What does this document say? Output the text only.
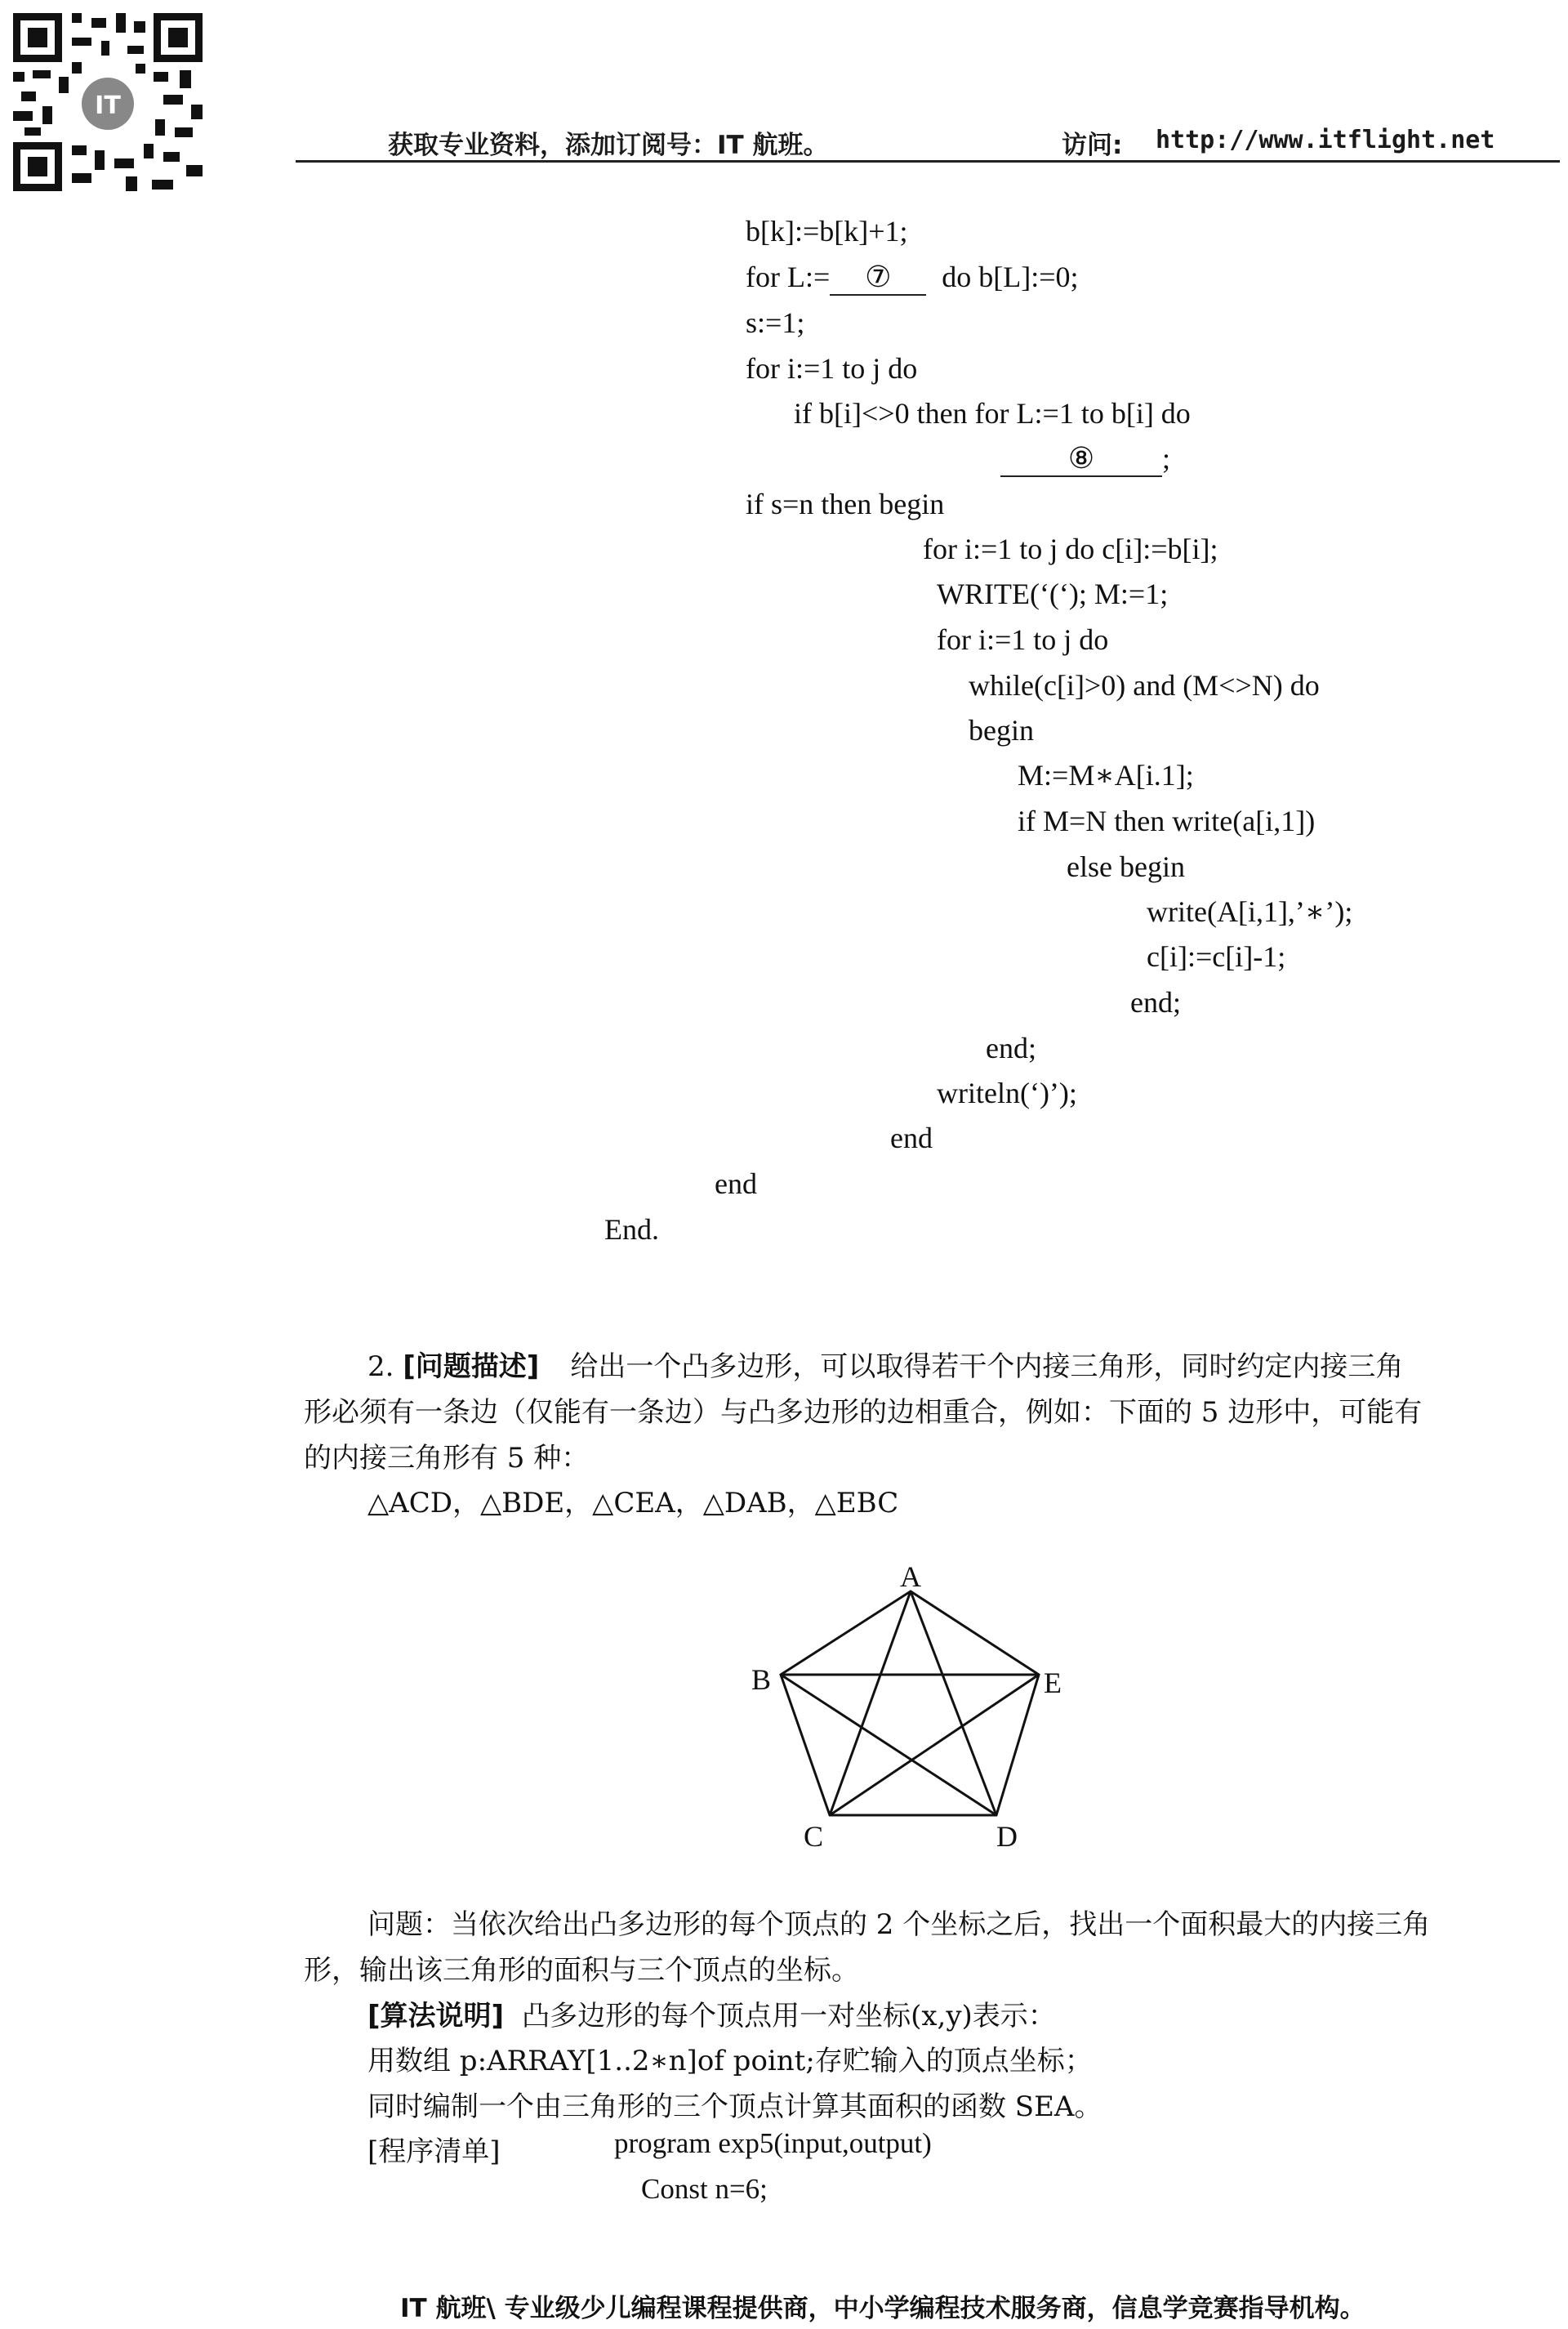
IT
获取专业资料，添加订阅号：IT 航班。	访问: http://www.itflight.net
b[k]:=b[k]+1;
for L:= ⑦ do b[L]:=0;
s:=1;
for i:=1 to j do
if b[i]<>0 then for L:=1 to b[i] do
⑧ ;
if s=n then begin
for i:=1 to j do c[i]:=b[i];
WRITE(‘(‘); M:=1;
for i:=1 to j do
while(c[i]>0) and (M<>N) do
begin
M:=M∗A[i.1];
if M=N then write(a[i,1])
else begin
write(A[i,1],’∗’);
c[i]:=c[i]-1;
end;
end;
writeln(‘)’);
end
end
End.
2. [问题描述] 给出一个凸多边形，可以取得若干个内接三角形，同时约定内接三角
形必须有一条边（仅能有一条边）与凸多边形的边相重合，例如：下面的 5 边形中，可能有
的内接三角形有 5 种：
△ACD，△BDE，△CEA，△DAB，△EBC
A
B	E
C	D
问题：当依次给出凸多边形的每个顶点的 2 个坐标之后，找出一个面积最大的内接三角
形，输出该三角形的面积与三个顶点的坐标。
[算法说明] 凸多边形的每个顶点用一对坐标(x,y)表示：
用数组 p:ARRAY[1..2∗n]of point;存贮输入的顶点坐标；
同时编制一个由三角形的三个顶点计算其面积的函数 SEA。
[程序清单]	program exp5(input,output)
Const n=6;
IT 航班\ 专业级少儿编程课程提供商，中小学编程技术服务商，信息学竞赛指导机构。
